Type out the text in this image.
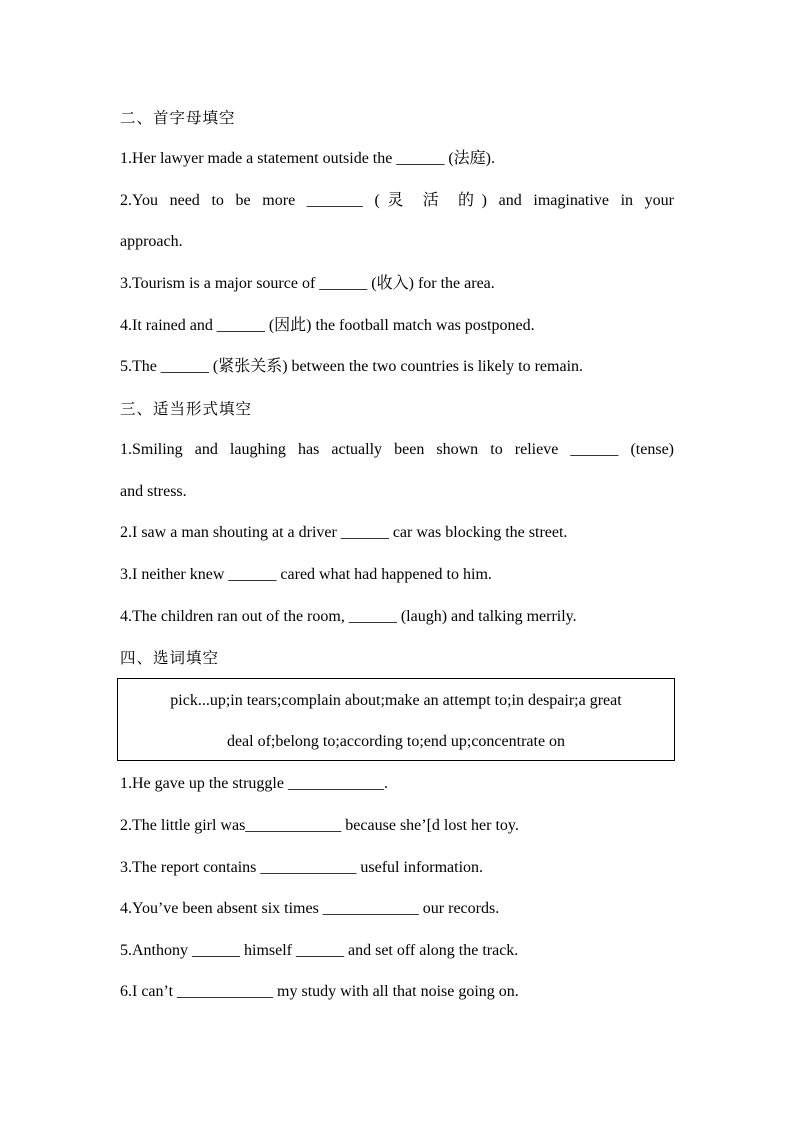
二、首字母填空
1.Her lawyer made a statement outside the ______ (法庭).
2.You need to be more _______ (灵 活 的) and imaginative in your
approach.
3.Tourism is a major source of ______ (收入) for the area.
4.It rained and ______ (因此) the football match was postponed.
5.The ______ (紧张关系) between the two countries is likely to remain.
三、适当形式填空
1.Smiling and laughing has actually been shown to relieve ______ (tense)
and stress.
2.I saw a man shouting at a driver ______ car was blocking the street.
3.I neither knew ______ cared what had happened to him.
4.The children ran out of the room, ______ (laugh) and talking merrily.
四、选词填空
pick...up;in tears;complain about;make an attempt to;in despair;a great
deal of;belong to;according to;end up;concentrate on
1.He gave up the struggle ____________.
2.The little girl was____________ because she’[d lost her toy.
3.The report contains ____________ useful information.
4.You’ve been absent six times ____________ our records.
5.Anthony ______ himself ______ and set off along the track.
6.I can’t ____________ my study with all that noise going on.
